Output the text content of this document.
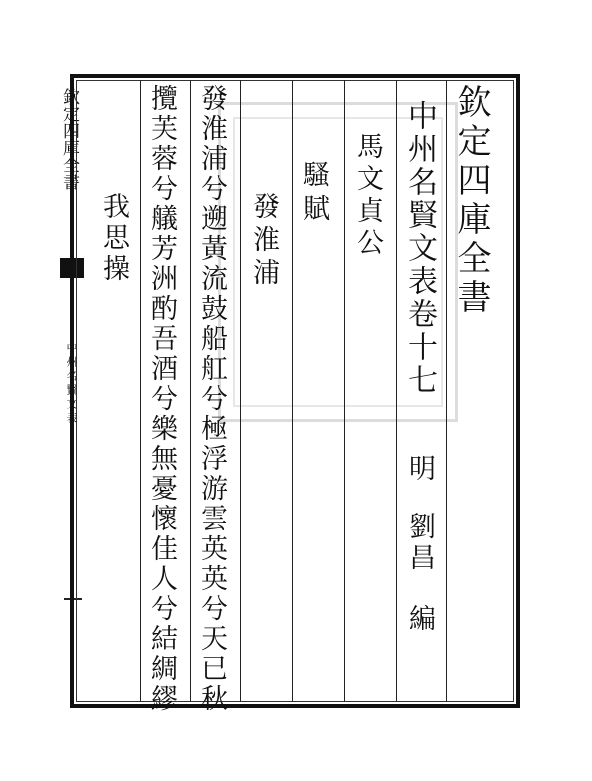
欽定四庫全書
中州名賢文表
欽定四庫全書
中州名賢文表卷十七
明
劉昌
編
馬文貞公
騷賦
發淮浦
發淮浦兮遡黃流鼓船舡兮極浮游雲英英兮天已秋
攬芙蓉兮艤芳洲酌吾酒兮樂無憂懷佳人兮結綢繆
我思操
